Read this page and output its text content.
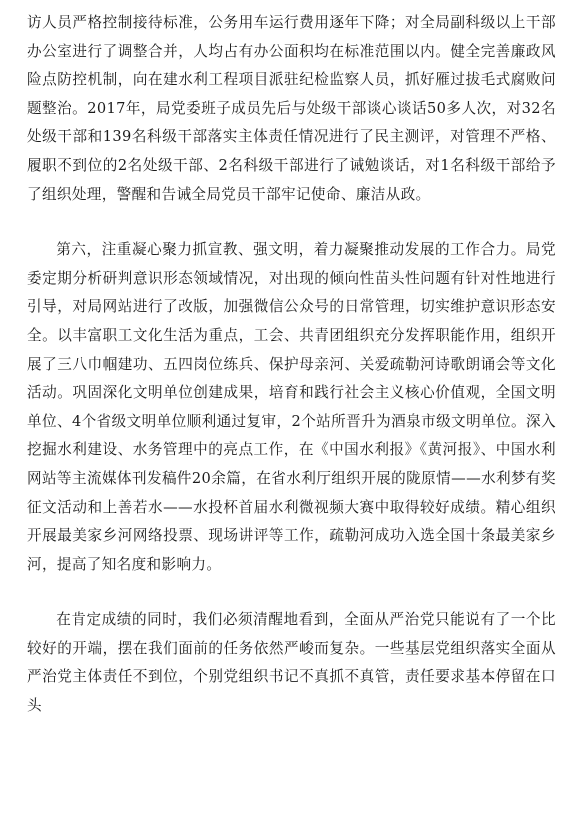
访人员严格控制接待标准，公务用车运行费用逐年下降；对全局副科级以上干部办公室进行了调整合并，人均占有办公面积均在标准范围以内。健全完善廉政风险点防控机制，向在建水利工程项目派驻纪检监察人员，抓好雁过拔毛式腐败问题整治。2017年，局党委班子成员先后与处级干部谈心谈话50多人次，对32名处级干部和139名科级干部落实主体责任情况进行了民主测评，对管理不严格、履职不到位的2名处级干部、2名科级干部进行了诫勉谈话，对1名科级干部给予了组织处理，警醒和告诫全局党员干部牢记使命、廉洁从政。

第六，注重凝心聚力抓宣教、强文明，着力凝聚推动发展的工作合力。局党委定期分析研判意识形态领域情况，对出现的倾向性苗头性问题有针对性地进行引导，对局网站进行了改版，加强微信公众号的日常管理，切实维护意识形态安全。以丰富职工文化生活为重点，工会、共青团组织充分发挥职能作用，组织开展了三八巾帼建功、五四岗位练兵、保护母亲河、关爱疏勒河诗歌朗诵会等文化活动。巩固深化文明单位创建成果，培育和践行社会主义核心价值观，全国文明单位、4个省级文明单位顺利通过复审，2个站所晋升为酒泉市级文明单位。深入挖掘水利建设、水务管理中的亮点工作，在《中国水利报》《黄河报》、中国水利网站等主流媒体刊发稿件20余篇，在省水利厅组织开展的陇原情——水利梦有奖征文活动和上善若水——水投杯首届水利微视频大赛中取得较好成绩。精心组织开展最美家乡河网络投票、现场讲评等工作，疏勒河成功入选全国十条最美家乡河，提高了知名度和影响力。

在肯定成绩的同时，我们必须清醒地看到，全面从严治党只能说有了一个比较好的开端，摆在我们面前的任务依然严峻而复杂。一些基层党组织落实全面从严治党主体责任不到位，个别党组织书记不真抓不真管，责任要求基本停留在口头
